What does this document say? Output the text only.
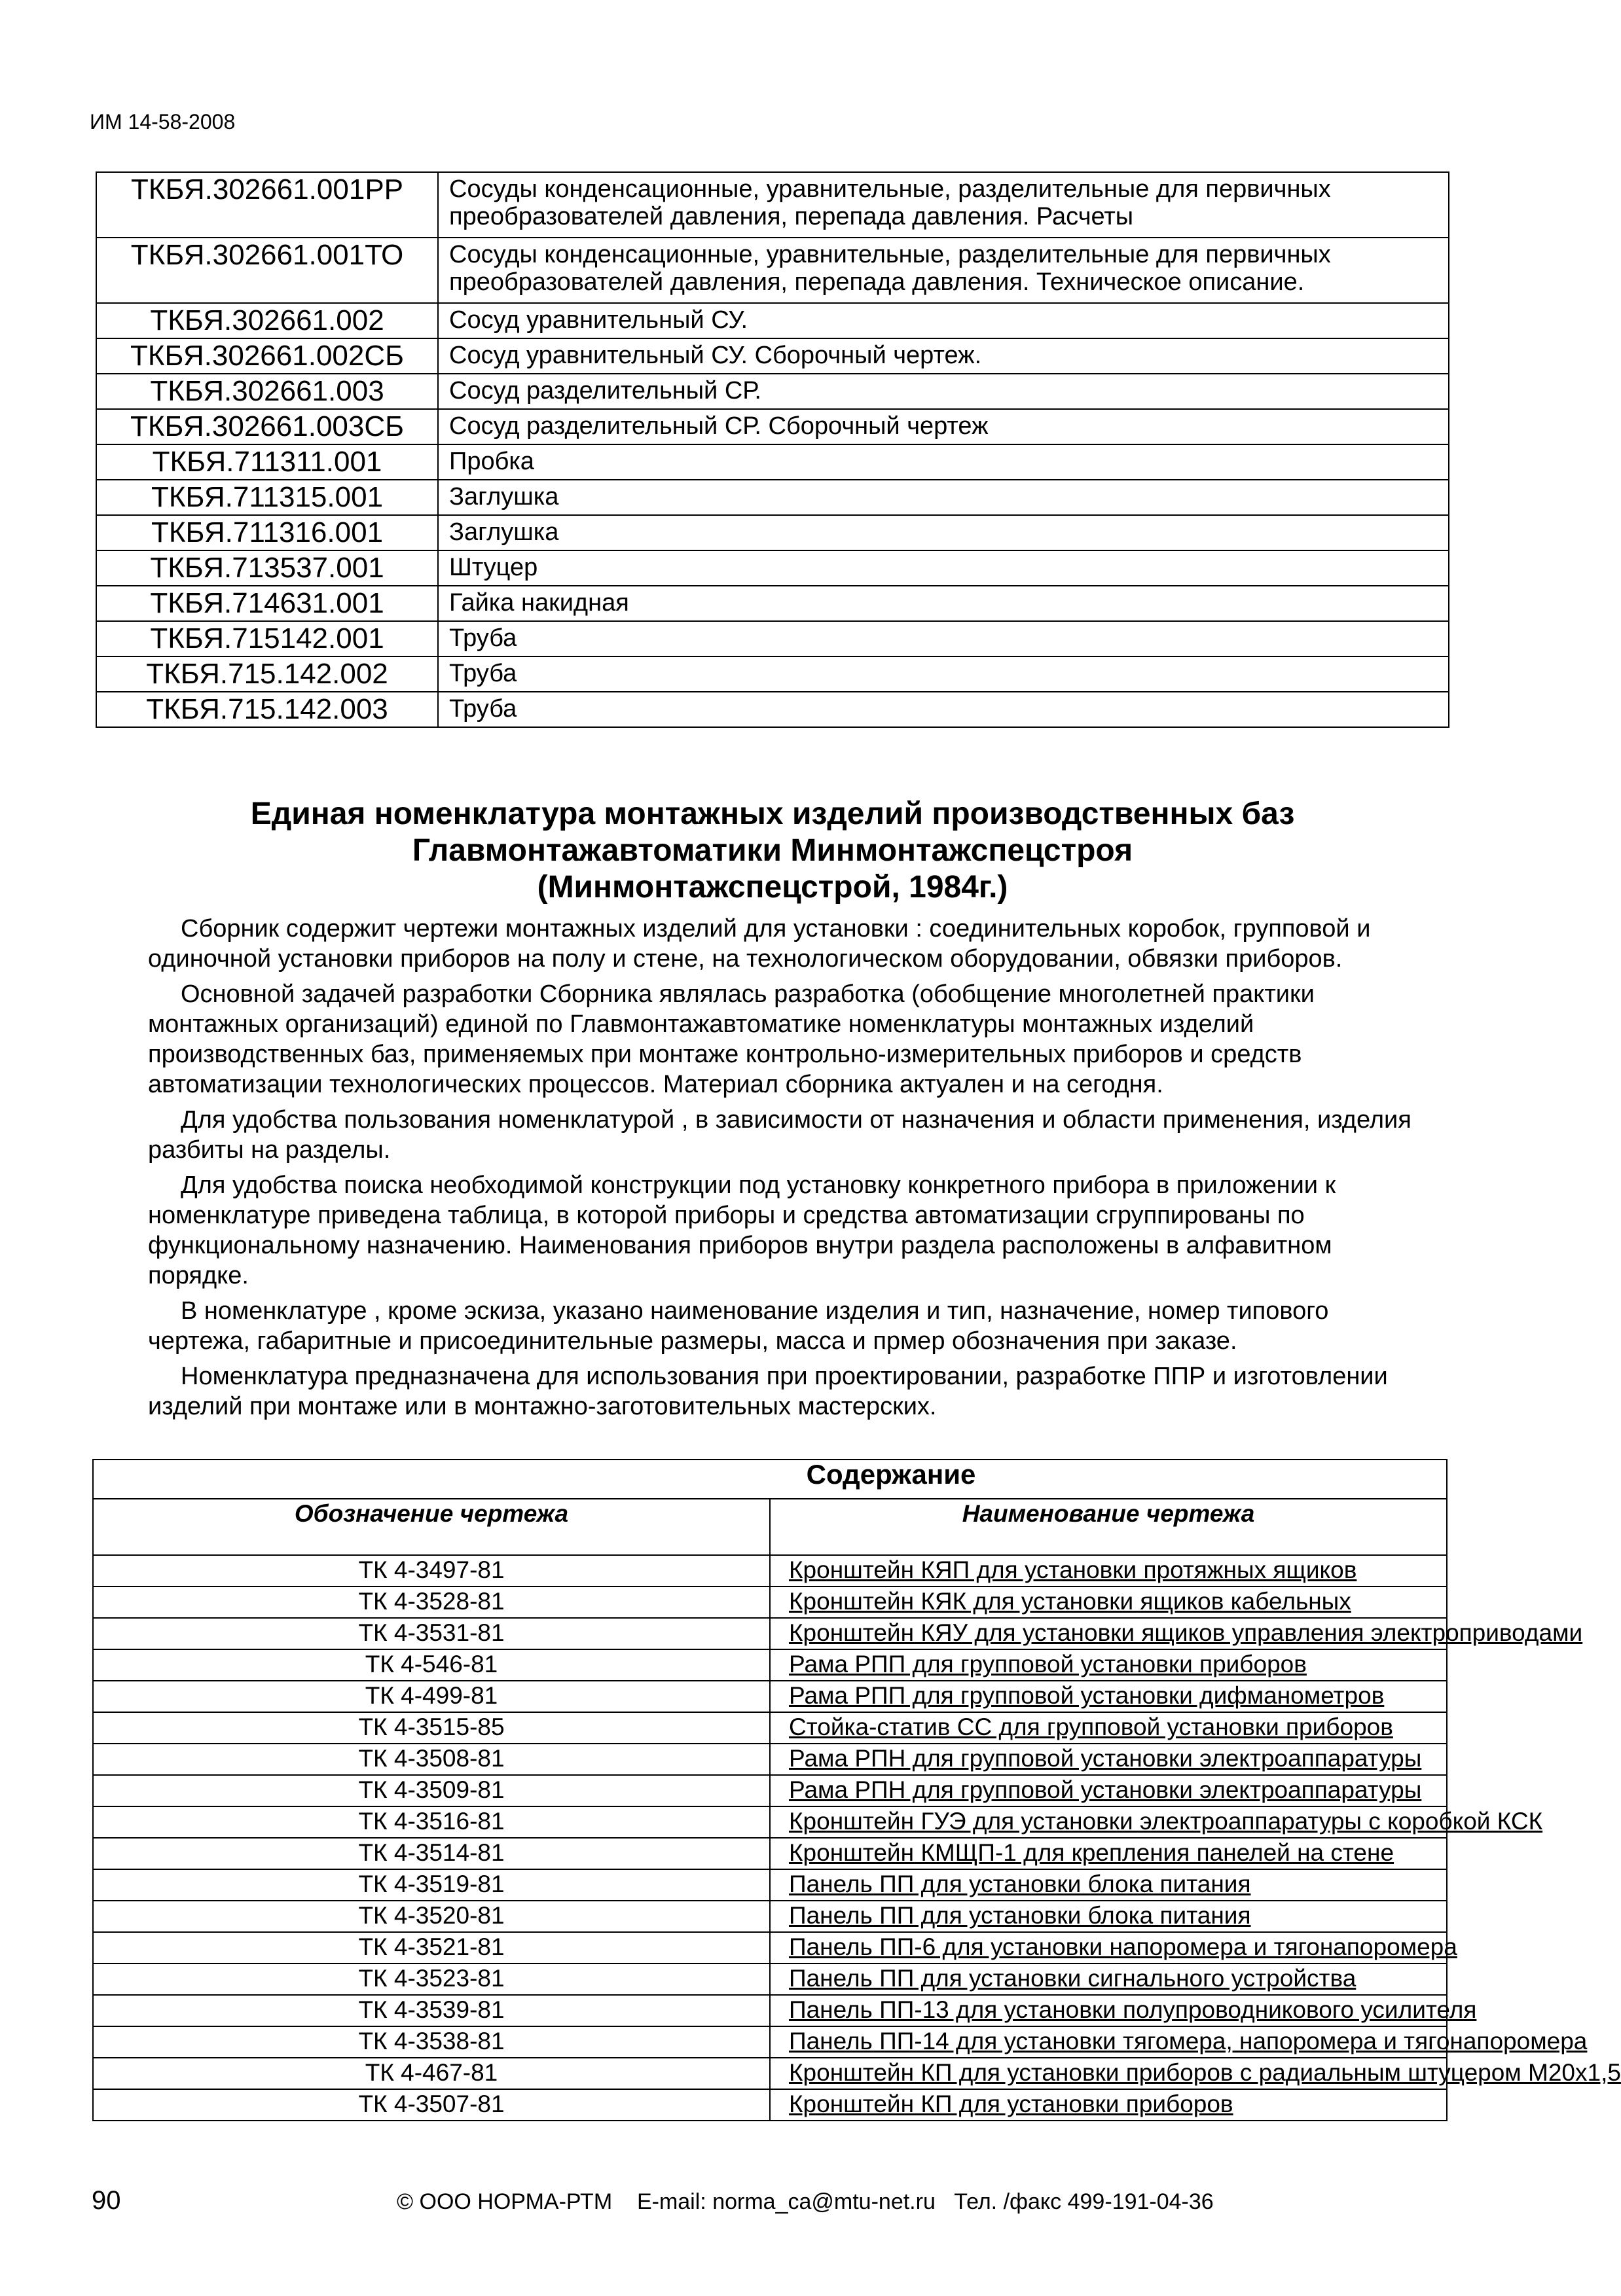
ИМ 14-58-2008
ТКБЯ.302661.001РР	Сосуды конденсационные, уравнительные, разделительные для первичных преобразователей давления, перепада давления. Расчеты
ТКБЯ.302661.001ТО	Сосуды конденсационные, уравнительные, разделительные для первичных преобразователей давления, перепада давления. Техническое описание.
ТКБЯ.302661.002	Сосуд уравнительный СУ.
ТКБЯ.302661.002СБ	Сосуд уравнительный СУ. Сборочный чертеж.
ТКБЯ.302661.003	Сосуд разделительный СР.
ТКБЯ.302661.003СБ	Сосуд разделительный СР. Сборочный чертеж
ТКБЯ.711311.001	Пробка
ТКБЯ.711315.001	Заглушка
ТКБЯ.711316.001	Заглушка
ТКБЯ.713537.001	Штуцер
ТКБЯ.714631.001	Гайка накидная
ТКБЯ.715142.001	Труба
ТКБЯ.715.142.002	Труба
ТКБЯ.715.142.003	Труба
Единая номенклатура монтажных изделий производственных баз
Главмонтажавтоматики Минмонтажспецстроя
(Минмонтажспецстрой, 1984г.)

Сборник содержит чертежи монтажных изделий для установки : соединительных коробок, групповой и одиночной установки приборов на полу и стене, на технологическом оборудовании, обвязки приборов.

Основной задачей разработки Сборника являлась разработка (обобщение многолетней практики монтажных организаций) единой по Главмонтажавтоматике номенклатуры монтажных изделий производственных баз, применяемых при монтаже контрольно-измерительных приборов и средств автоматизации технологических процессов. Материал сборника актуален и на сегодня.

Для удобства пользования номенклатурой , в зависимости от назначения и области применения, изделия разбиты на разделы.

Для удобства поиска необходимой конструкции под установку конкретного прибора в приложении к номенклатуре приведена таблица, в которой приборы и средства автоматизации сгруппированы по функциональному назначению. Наименования приборов внутри раздела расположены в алфавитном порядке.

В номенклатуре , кроме эскиза, указано наименование изделия и тип, назначение, номер типового чертежа, габаритные и присоединительные размеры, масса и прмер обозначения при заказе.

Номенклатура предназначена для использования при проектировании, разработке ППР и изготовлении изделий при монтаже или в монтажно-заготовительных мастерских.

Содержание	
Обозначение чертежа	Наименование чертежа
ТК 4-3497-81	Кронштейн КЯП для установки протяжных ящиков
ТК 4-3528-81	Кронштейн КЯК для установки ящиков кабельных
ТК 4-3531-81	Кронштейн КЯУ для установки ящиков управления электроприводами
ТК 4-546-81	Рама РПП для групповой установки приборов
ТК 4-499-81	Рама РПП для групповой установки дифманометров
ТК 4-3515-85	Стойка-статив СС для групповой установки приборов
ТК 4-3508-81	Рама РПН для групповой установки электроаппаратуры
ТК 4-3509-81	Рама РПН для групповой установки электроаппаратуры
ТК 4-3516-81	Кронштейн ГУЭ для установки электроаппаратуры с коробкой КСК
ТК 4-3514-81	Кронштейн КМЩП-1 для крепления панелей на стене
ТК 4-3519-81	Панель ПП для установки блока питания
ТК 4-3520-81	Панель ПП для установки блока питания
ТК 4-3521-81	Панель ПП-6 для установки напоромера и тягонапоромера
ТК 4-3523-81	Панель ПП для установки сигнального устройства
ТК 4-3539-81	Панель ПП-13 для установки полупроводникового усилителя
ТК 4-3538-81	Панель ПП-14 для установки тягомера, напоромера и тягонапоромера
ТК 4-467-81	Кронштейн КП для установки приборов с радиальным штуцером М20х1,5
ТК 4-3507-81	Кронштейн КП для установки приборов
90	© ООО НОРМА-РТМ E-mail: norma_ca@mtu-net.ru Тел. /факс 499-191-04-36
